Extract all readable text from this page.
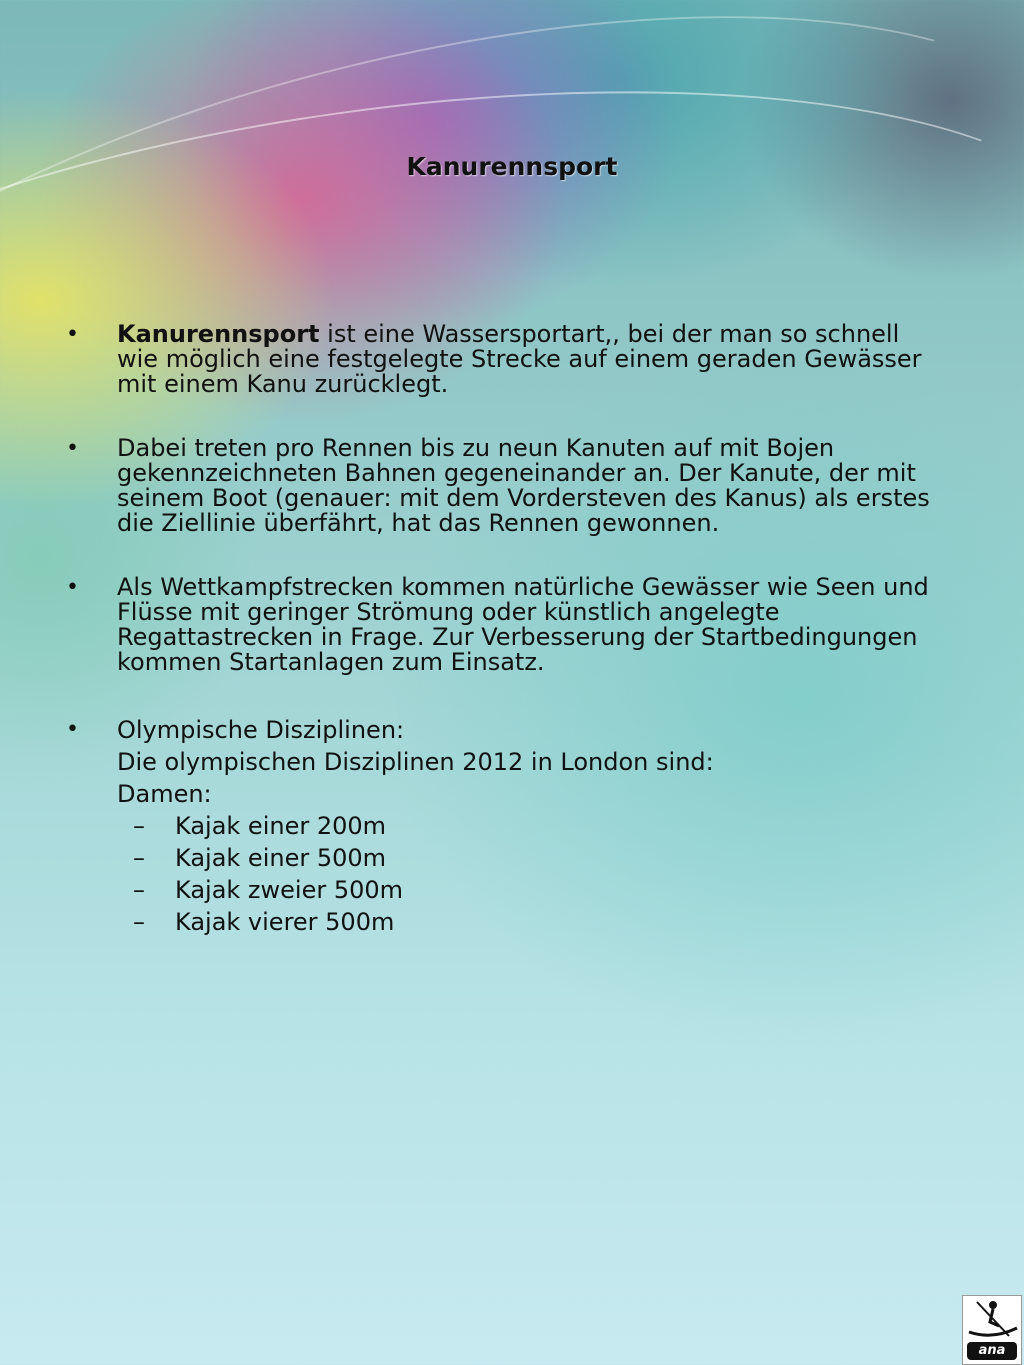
Kanurennsport
• Kanurennsport ist eine Wassersportart,, bei der man so schnell wie möglich eine festgelegte Strecke auf einem geraden Gewässer mit einem Kanu zurücklegt.
• Dabei treten pro Rennen bis zu neun Kanuten auf mit Bojen gekennzeichneten Bahnen gegeneinander an. Der Kanute, der mit seinem Boot (genauer: mit dem Vordersteven des Kanus) als erstes die Ziellinie überfährt, hat das Rennen gewonnen.
• Als Wettkampfstrecken kommen natürliche Gewässer wie Seen und Flüsse mit geringer Strömung oder künstlich angelegte Regattastrecken in Frage. Zur Verbesserung der Startbedingungen kommen Startanlagen zum Einsatz.
• Olympische Disziplinen:
Die olympischen Disziplinen 2012 in London sind:
Damen:
– Kajak einer 200m
– Kajak einer 500m
– Kajak zweier 500m
– Kajak vierer 500m
ana
